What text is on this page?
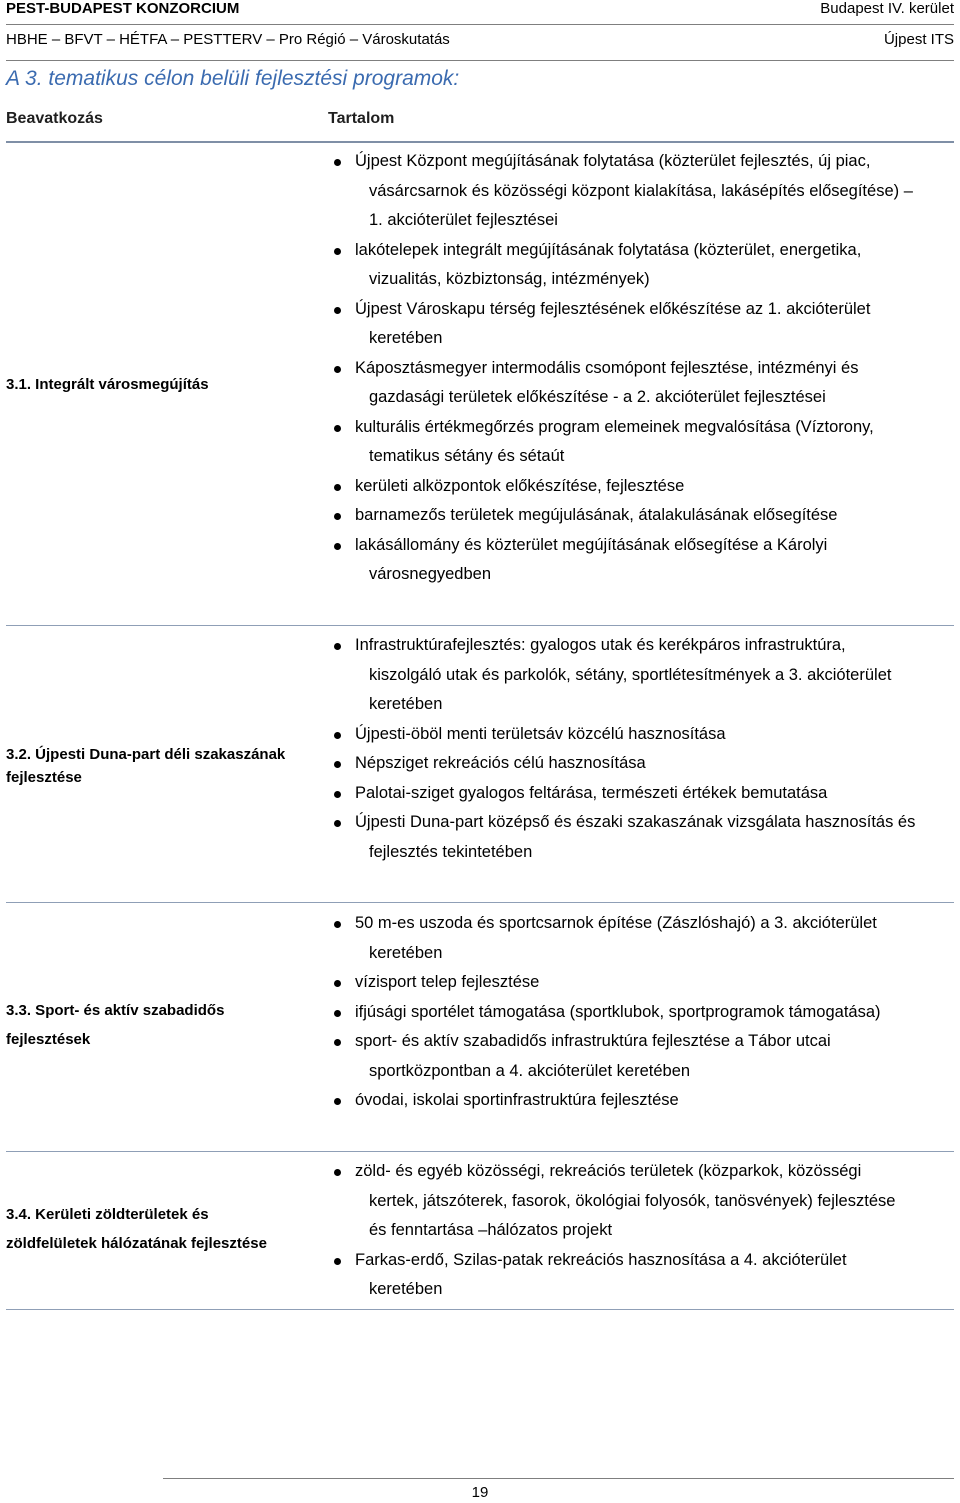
PEST-BUDAPEST KONZORCIUM	Budapest IV. kerület
HBHE – BFVT – HÉTFA – PESTTERV – Pro Régió – Városkutatás	Újpest ITS
A 3. tematikus célon belüli fejlesztési programok:
Beavatkozás	Tartalom
3.1. Integrált városmegújítás
Újpest Központ megújításának folytatása (közterület fejlesztés, új piac,
vásárcsarnok és közösségi központ kialakítása, lakásépítés elősegítése) –
1. akcióterület fejlesztései
lakótelepek integrált megújításának folytatása (közterület, energetika,
vizualitás, közbiztonság, intézmények)
Újpest Városkapu térség fejlesztésének előkészítése az 1. akcióterület
keretében
Káposztásmegyer intermodális csomópont fejlesztése, intézményi és
gazdasági területek előkészítése - a 2. akcióterület fejlesztései
kulturális értékmegőrzés program elemeinek megvalósítása (Víztorony,
tematikus sétány és sétaút
kerületi alközpontok előkészítése, fejlesztése
barnamezős területek megújulásának, átalakulásának elősegítése
lakásállomány és közterület megújításának elősegítése a Károlyi
városnegyedben
3.2. Újpesti Duna-part déli szakaszának
fejlesztése
Infrastruktúrafejlesztés: gyalogos utak és kerékpáros infrastruktúra,
kiszolgáló utak és parkolók, sétány, sportlétesítmények a 3. akcióterület
keretében
Újpesti-öböl menti területsáv közcélú hasznosítása
Népsziget rekreációs célú hasznosítása
Palotai-sziget gyalogos feltárása, természeti értékek bemutatása
Újpesti Duna-part középső és északi szakaszának vizsgálata hasznosítás és
fejlesztés tekintetében
3.3. Sport- és aktív szabadidős
fejlesztések
50 m-es uszoda és sportcsarnok építése (Zászlóshajó) a 3. akcióterület
keretében
vízisport telep fejlesztése
ifjúsági sportélet támogatása (sportklubok, sportprogramok támogatása)
sport- és aktív szabadidős infrastruktúra fejlesztése a Tábor utcai
sportközpontban a 4. akcióterület keretében
óvodai, iskolai sportinfrastruktúra fejlesztése
3.4. Kerületi zöldterületek és
zöldfelületek hálózatának fejlesztése
zöld- és egyéb közösségi, rekreációs területek (közparkok, közösségi
kertek, játszóterek, fasorok, ökológiai folyosók, tanösvények) fejlesztése
és fenntartása –hálózatos projekt
Farkas-erdő, Szilas-patak rekreációs hasznosítása a 4. akcióterület
keretében
19
